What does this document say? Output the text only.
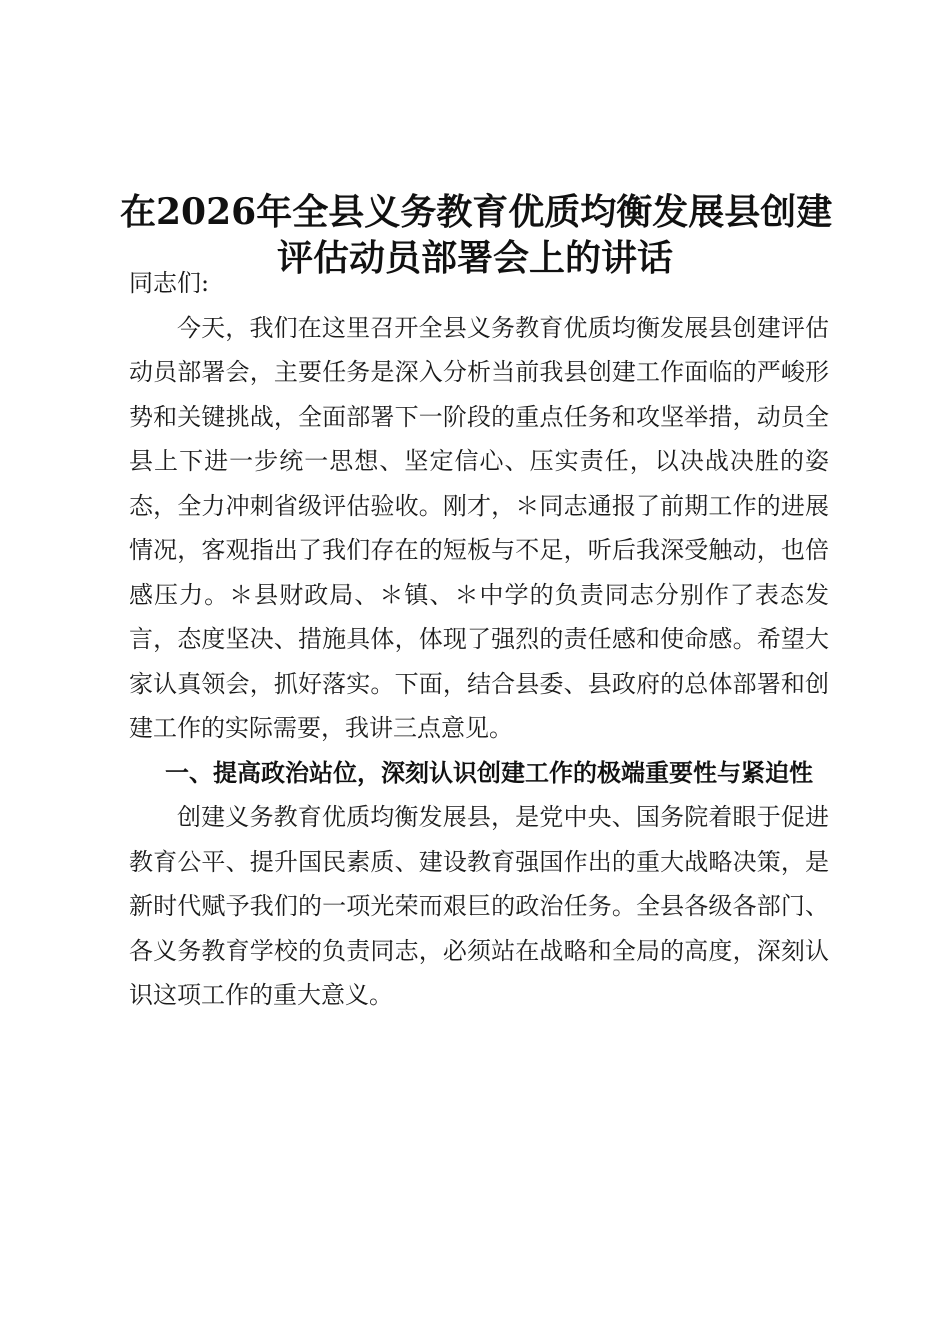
在2026年全县义务教育优质均衡发展县创建
评估动员部署会上的讲话

同志们:

今天，我们在这里召开全县义务教育优质均衡发展县创建评估动员部署会，主要任务是深入分析当前我县创建工作面临的严峻形势和关键挑战，全面部署下一阶段的重点任务和攻坚举措，动员全县上下进一步统一思想、坚定信心、压实责任，以决战决胜的姿态，全力冲刺省级评估验收。刚才，＊同志通报了前期工作的进展情况，客观指出了我们存在的短板与不足，听后我深受触动，也倍感压力。＊县财政局、＊镇、＊中学的负责同志分别作了表态发言，态度坚决、措施具体，体现了强烈的责任感和使命感。希望大家认真领会，抓好落实。下面，结合县委、县政府的总体部署和创建工作的实际需要，我讲三点意见。

一、提高政治站位，深刻认识创建工作的极端重要性与紧迫性

创建义务教育优质均衡发展县，是党中央、国务院着眼于促进教育公平、提升国民素质、建设教育强国作出的重大战略决策，是新时代赋予我们的一项光荣而艰巨的政治任务。全县各级各部门、各义务教育学校的负责同志，必须站在战略和全局的高度，深刻认识这项工作的重大意义。
